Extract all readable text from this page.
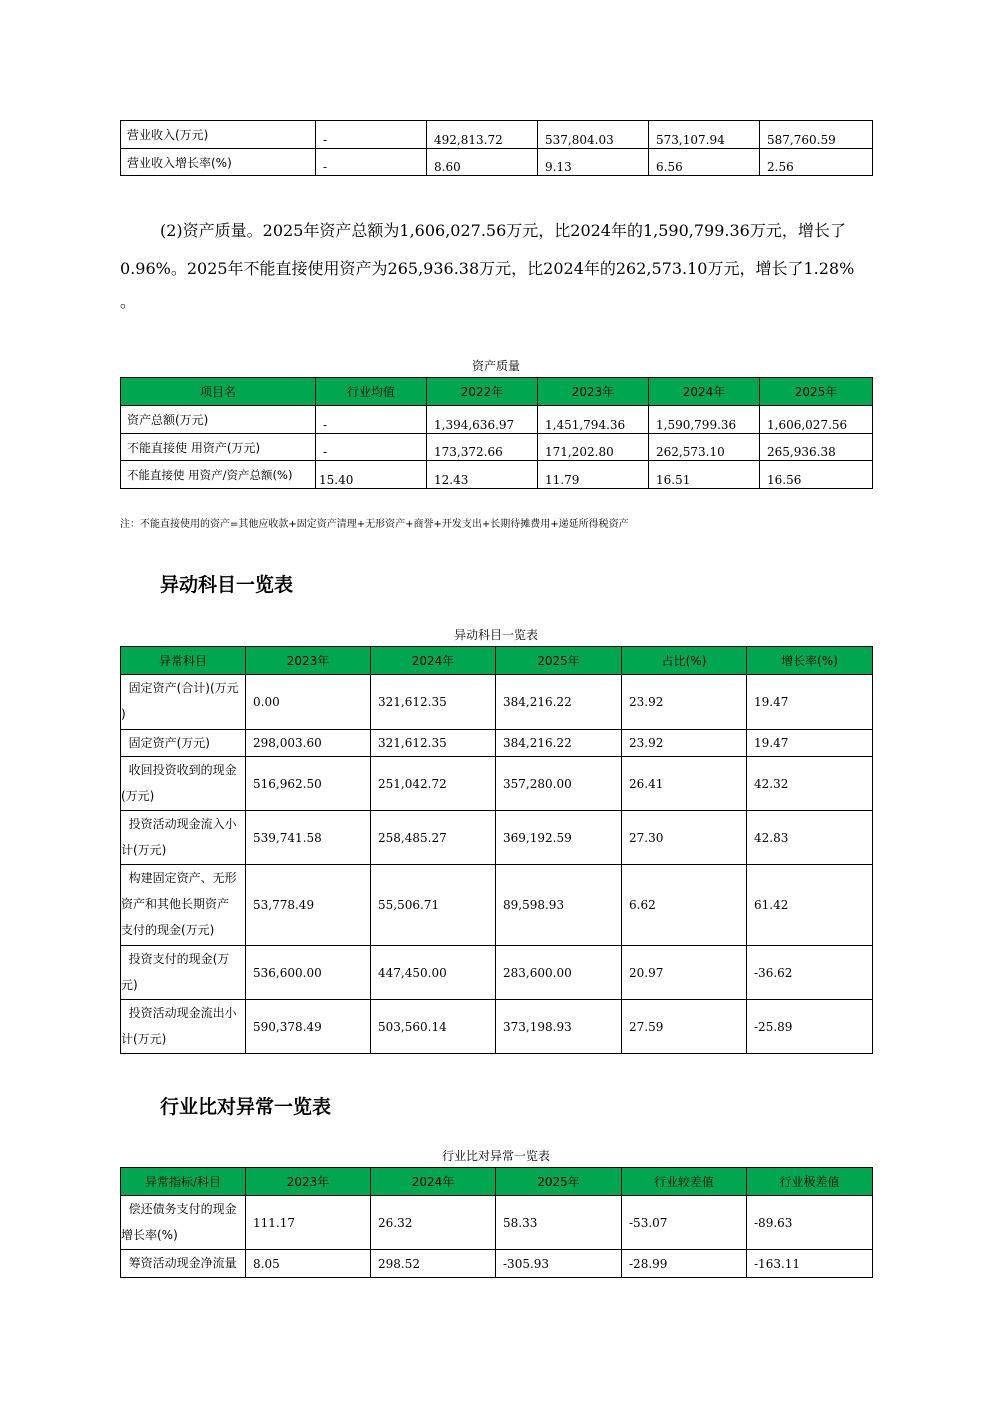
营业收入(万元)	-	492,813.72	537,804.03	573,107.94	587,760.59
营业收入增长率(%)	-	8.60	9.13	6.56	2.56
(2)资产质量。2025年资产总额为1,606,027.56万元，比2024年的1,590,799.36万元，增长了
0.96%。2025年不能直接使用资产为265,936.38万元，比2024年的262,573.10万元，增长了1.28%
。
资产质量
项目名	行业均值	2022年	2023年	2024年	2025年
资产总额(万元)	-	1,394,636.97	1,451,794.36	1,590,799.36	1,606,027.56
不能直接使 用资产(万元)	-	173,372.66	171,202.80	262,573.10	265,936.38
不能直接使 用资产/资产总额(%)	15.40	12.43	11.79	16.51	16.56
注：不能直接使用的资产=其他应收款+固定资产清理+无形资产+商誉+开发支出+长期待摊费用+递延所得税资产
异动科目一览表
异动科目一览表
异常科目	2023年	2024年	2025年	占比(%)	增长率(%)

固定资产(合计)(万元
)	0.00	321,612.35	384,216.22	23.92	19.47

固定资产(万元)	298,003.60	321,612.35	384,216.22	23.92	19.47

收回投资收到的现金
(万元)	516,962.50	251,042.72	357,280.00	26.41	42.32

投资活动现金流入小
计(万元)	539,741.58	258,485.27	369,192.59	27.30	42.83

构建固定资产、无形
资产和其他长期资产
支付的现金(万元)	53,778.49	55,506.71	89,598.93	6.62	61.42

投资支付的现金(万
元)	536,600.00	447,450.00	283,600.00	20.97	-36.62

投资活动现金流出小
计(万元)	590,378.49	503,560.14	373,198.93	27.59	-25.89
行业比对异常一览表
行业比对异常一览表
异常指标/科目	2023年	2024年	2025年	行业较差值	行业极差值

偿还债务支付的现金
增长率(%)	111.17	26.32	58.33	-53.07	-89.63

筹资活动现金净流量	8.05	298.52	-305.93	-28.99	-163.11
